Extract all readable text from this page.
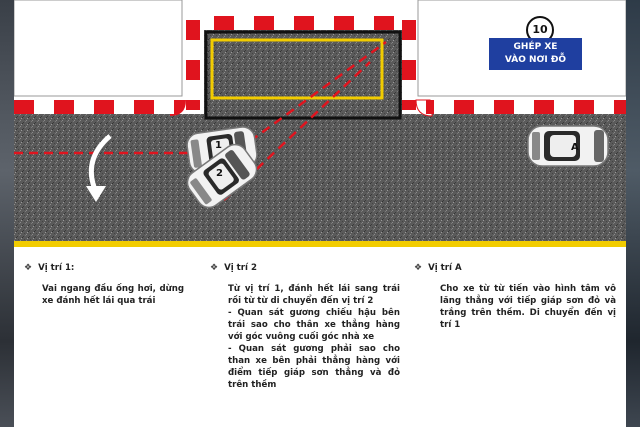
1
2
A
10
GHÉP XE
VÀO NƠI ĐỖ
❖ Vị trí 1:
Vai ngang đầu ống hơi, dừng xe đánh hết lái qua trái
❖ Vị trí 2
Từ vị trí 1, đánh hết lái sang trái rồi từ từ di chuyển đến vị trí 2
- Quan sát gương chiếu hậu bên trái sao cho thân xe thẳng hàng với góc vuông cuối góc nhà xe
- Quan sát gương phải sao cho than xe bên phải thẳng hàng với điểm tiếp giáp sơn thẳng và đỏ trên thềm
❖ Vị trí A
Cho xe từ từ tiến vào hình tâm vô lăng thẳng với tiếp giáp sơn đỏ và trắng trên thềm. Di chuyển đến vị trí 1
